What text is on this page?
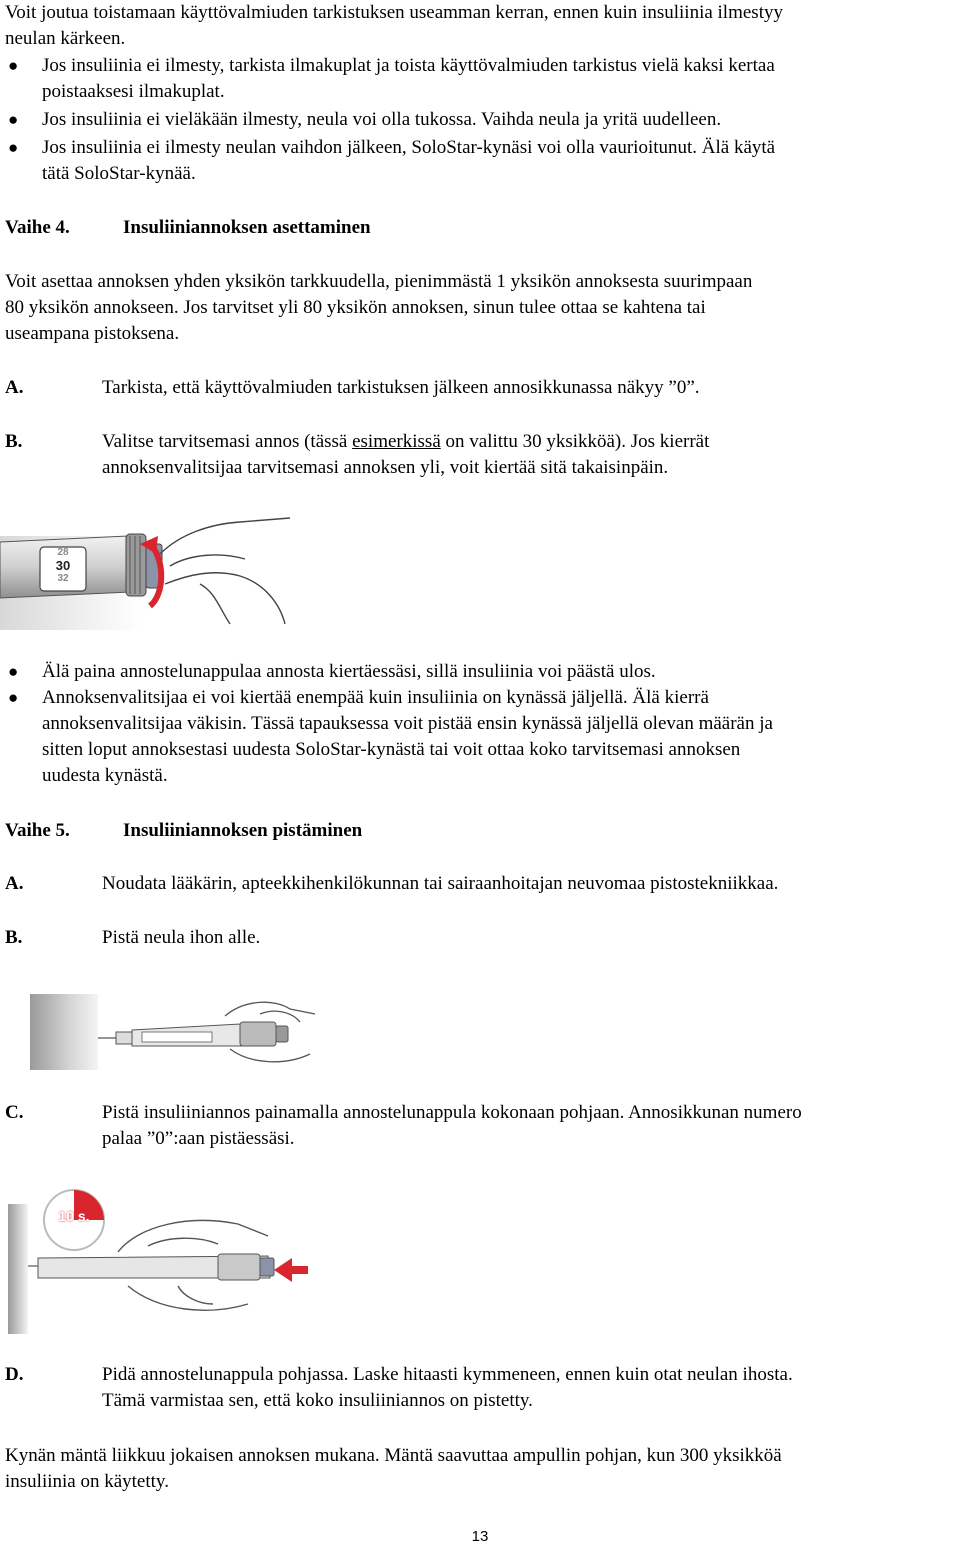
Voit joutua toistamaan käyttövalmiuden tarkistuksen useamman kerran, ennen kuin insuliinia ilmestyy
neulan kärkeen.
●	Jos insuliinia ei ilmesty, tarkista ilmakuplat ja toista käyttövalmiuden tarkistus vielä kaksi kertaa
poistaaksesi ilmakuplat.
●	Jos insuliinia ei vieläkään ilmesty, neula voi olla tukossa. Vaihda neula ja yritä uudelleen.
●	Jos insuliinia ei ilmesty neulan vaihdon jälkeen, SoloStar-kynäsi voi olla vaurioitunut. Älä käytä
tätä SoloStar-kynää.
Vaihe 4.	Insuliiniannoksen asettaminen
Voit asettaa annoksen yhden yksikön tarkkuudella, pienimmästä 1 yksikön annoksesta suurimpaan
80 yksikön annokseen. Jos tarvitset yli 80 yksikön annoksen, sinun tulee ottaa se kahtena tai
useampana pistoksena.
A.	Tarkista, että käyttövalmiuden tarkistuksen jälkeen annosikkunassa näkyy ”0”.
B.	Valitse tarvitsemasi annos (tässä esimerkissä on valittu 30 yksikköä). Jos kierrät
annoksenvalitsijaa tarvitsemasi annoksen yli, voit kiertää sitä takaisinpäin.
28
30
32
●	Älä paina annostelunappulaa annosta kiertäessäsi, sillä insuliinia voi päästä ulos.
●	Annoksenvalitsijaa ei voi kiertää enempää kuin insuliinia on kynässä jäljellä. Älä kierrä
annoksenvalitsijaa väkisin. Tässä tapauksessa voit pistää ensin kynässä jäljellä olevan määrän ja
sitten loput annoksestasi uudesta SoloStar-kynästä tai voit ottaa koko tarvitsemasi annoksen
uudesta kynästä.
Vaihe 5.	Insuliiniannoksen pistäminen
A.	Noudata lääkärin, apteekkihenkilökunnan tai sairaanhoitajan neuvomaa pistostekniikkaa.
B.	Pistä neula ihon alle.
C.	Pistä insuliiniannos painamalla annostelunappula kokonaan pohjaan. Annosikkunan numero
palaa ”0”:aan pistäessäsi.
10 s.
D.	Pidä annostelunappula pohjassa. Laske hitaasti kymmeneen, ennen kuin otat neulan ihosta.
Tämä varmistaa sen, että koko insuliiniannos on pistetty.
Kynän mäntä liikkuu jokaisen annoksen mukana. Mäntä saavuttaa ampullin pohjan, kun 300 yksikköä
insuliinia on käytetty.
13
